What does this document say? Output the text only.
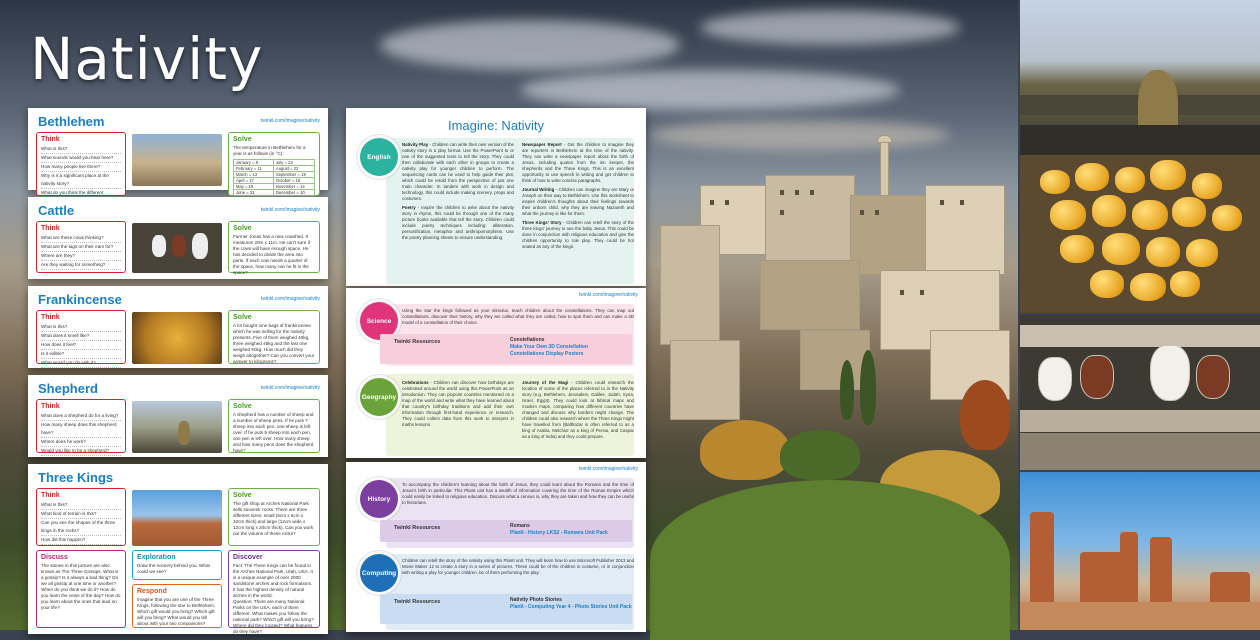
Nativity
Bethlehem	twinkl.com/imagine/nativity
Think
What is this?
What sounds would you hear here?
How many people live there?
Why is it a significant place at the nativity story?
What do you think the different
Solve

The temperature in Bethlehem for a year is as follows (in °C):

January = 8	July = 23
February = 11	August = 22
March = 13	September = 19
April = 17	October = 16
May = 19	November = 14
June = 21	December = 10
Cattle	twinkl.com/imagine/nativity
Think
What are these cows thinking?
What are the tags on their ears for?
Where are they?
Are they waiting for something?
Solve

Farmer Jonas has a new cowshed. It measures 20m x 11m. He can't sure if the cows will have enough space. He has decided to divide the area into parts. If each cow needs a quarter of the space, how many can he fit in the space?

Frankincense	twinkl.com/imagine/nativity
Think
What is this?
What does it smell like?
How does it feel?
Is it edible?
What would you do with it?
Solve

A lot bought nine bags of frankincense which he was selling for the nativity presents. Five of them weighed 40kg, three weighed 45kg and the last one weighed 50kg. How much did they weigh altogether? Can you convert your answer to kilograms?

Shepherd	twinkl.com/imagine/nativity
Think
What does a shepherd do for a living?
How many sheep does this shepherd have?
Where does he work?
Would you like to be a shepherd?
Solve

A shepherd has a number of sheep and a number of sheep pens. If he puts 7 sheep into each pen, one sheep is left over. If he puts 9 sheep into each pen, one pen is left over. How many sheep and how many pens does the shepherd have?

Three Kings
Think
What is this?
What kind of terrain is this?
Can you see the shapes of the three kings in the rocks?
How did this happen?
Solve

The gift shop at Arches National Park sells souvenir rocks. There are three different sizes: small (5cm x 5cm x 10cm thick) and large (12cm wide x 12cm long x 20cm thick). Can you work out the volume of these rocks?

Discuss

The stones in this picture are also known as The Three Gossips. What is a gossip? Is it always a bad thing? Do we all gossip at one time or another? When do you think we do it? How do you learn the news of the day? How do you learn about the ones that lead on your life?

Exploration

Draw the scenery behind you. What could we see?

Respond

Imagine that you are one of the Three Kings, following the star to Bethlehem. Which gift would you bring? Which gift will you bring? What would you tell about with your two companions?

Discover

Fact: The Three Kings can be found in the Arches National Park, Utah, USA. It is a unique example of over 2000 sandstone arches and rock formations. It has the highest density of natural arches in the world.

Question: There are many National Parks on the USA, each of them different. What makes you follow the national park? Which gift will you bring? Where did they located? What features do they have?

Imagine: Nativity
English

Nativity Play - Children can write their own version of the nativity story in a play format. Use the PowerPoint to or one of the suggested texts to tell the story. They could then collaborate with each other in groups to create a nativity play for younger children to perform. The sequencing cards can be used to help guide their plot, which could be retold from the perspective of just one main character. In tandem with work in design and technology, this could include making scenery, props and costumes.

Poetry - Inspire the children to write about the nativity story in rhyme, this could be through one of the many picture books available that tell the story. Children could include poetry techniques including: alliteration, personification, metaphor and anthropomorphism. Use the poetry planning sheets to ensure understanding.

Newspaper Report - Get the children to imagine they are reporters in Bethlehem at the time of the nativity. They can write a newspaper report about the birth of Jesus, including quotes from the inn keeper, the shepherds and the Three Kings. This is an excellent opportunity to use speech in writing and get children to think of how to write concise paragraphs.

Journal Writing - Children can imagine they are Mary or Joseph on their way to Bethlehem. Use this worksheet to inspire children's thoughts about their feelings towards their unborn child, why they are leaving Nazareth and what the journey is like for them.

Three Kings' Story - Children can retell the story of the three kings' journey to see the baby Jesus. This could be done in conjunction with religious education and give the children opportunity to role play. They could be hot seated as any of the kings.

twinkl.com/imagine/nativity
Science
Using the star the kings followed as your stimulus, teach children about the constellations. They can map out constellations, discover their history, why they are called what they are called, how to spot them and can make a 3D model of a constellation of their choice.
Twinkl Resources	Constellations
Make Your Own 3D Constellation
Constellations Display Posters
Geography

Celebrations - Children can discover how birthdays are celebrated around the world using this PowerPoint as an introduction. They can pinpoint countries mentioned on a map of the world and write what they have learned about that country's birthday traditions and add their own information through first-hand experience or research. They could collect data from this work to interpret in maths lessons.

Journey of the Magi - Children could research the location of some of the places referred to in the Nativity story (e.g. Bethlehem, Jerusalem, Galilee, Judah, Syria, Israel, Egypt). They could look at biblical maps and modern maps, comparing how different countries have changed and discuss why borders might change. The children could also research where the Three Kings might have travelled from (Balthazar is often referred to as a king of Arabia, Melchior as a king of Persia, and Caspar as a king of India) and they could prepare.

twinkl.com/imagine/nativity
History
To accompany the children's learning about the birth of Jesus, they could learn about the Romans and the time of Jesus's birth in particular. This PlanIt unit has a wealth of information covering the time of the Roman Empire which could easily be linked to religious education. Discuss what a census is, why they are taken and how they can be useful to historians.
Twinkl Resources	Romans
PlanIt - History LKS2 - Romans Unit Pack
Computing
Children can retell the story of the nativity using this PlanIt unit. They will learn how to use Microsoft Publisher 2013 and Movie Maker 12 to create a story in a series of pictures. These could be of the children in costume, or in conjunction with writing a play for younger children, be of them performing the play.
Twinkl Resources	Nativity Photo Stories
PlanIt - Computing Year 4 - Photo Stories Unit Pack
